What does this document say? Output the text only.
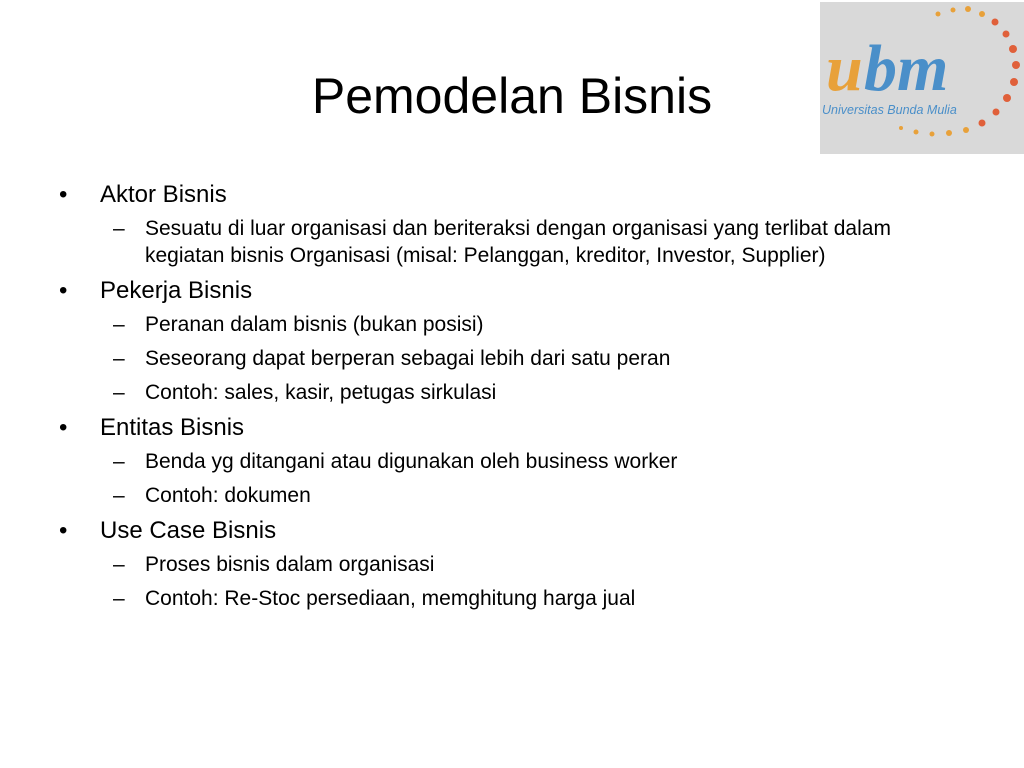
Pemodelan Bisnis	u bm
Universitas Bunda Mulia
• Aktor Bisnis
– Sesuatu di luar organisasi dan beriteraksi dengan organisasi yang terlibat dalam kegiatan bisnis Organisasi (misal: Pelanggan, kreditor, Investor, Supplier)
• Pekerja Bisnis
– Peranan dalam bisnis (bukan posisi)
– Seseorang dapat berperan sebagai lebih dari satu peran
– Contoh: sales, kasir, petugas sirkulasi
• Entitas Bisnis
– Benda yg ditangani atau digunakan oleh business worker
– Contoh: dokumen
• Use Case Bisnis
– Proses bisnis dalam organisasi
– Contoh: Re-Stoc persediaan, memghitung harga jual
